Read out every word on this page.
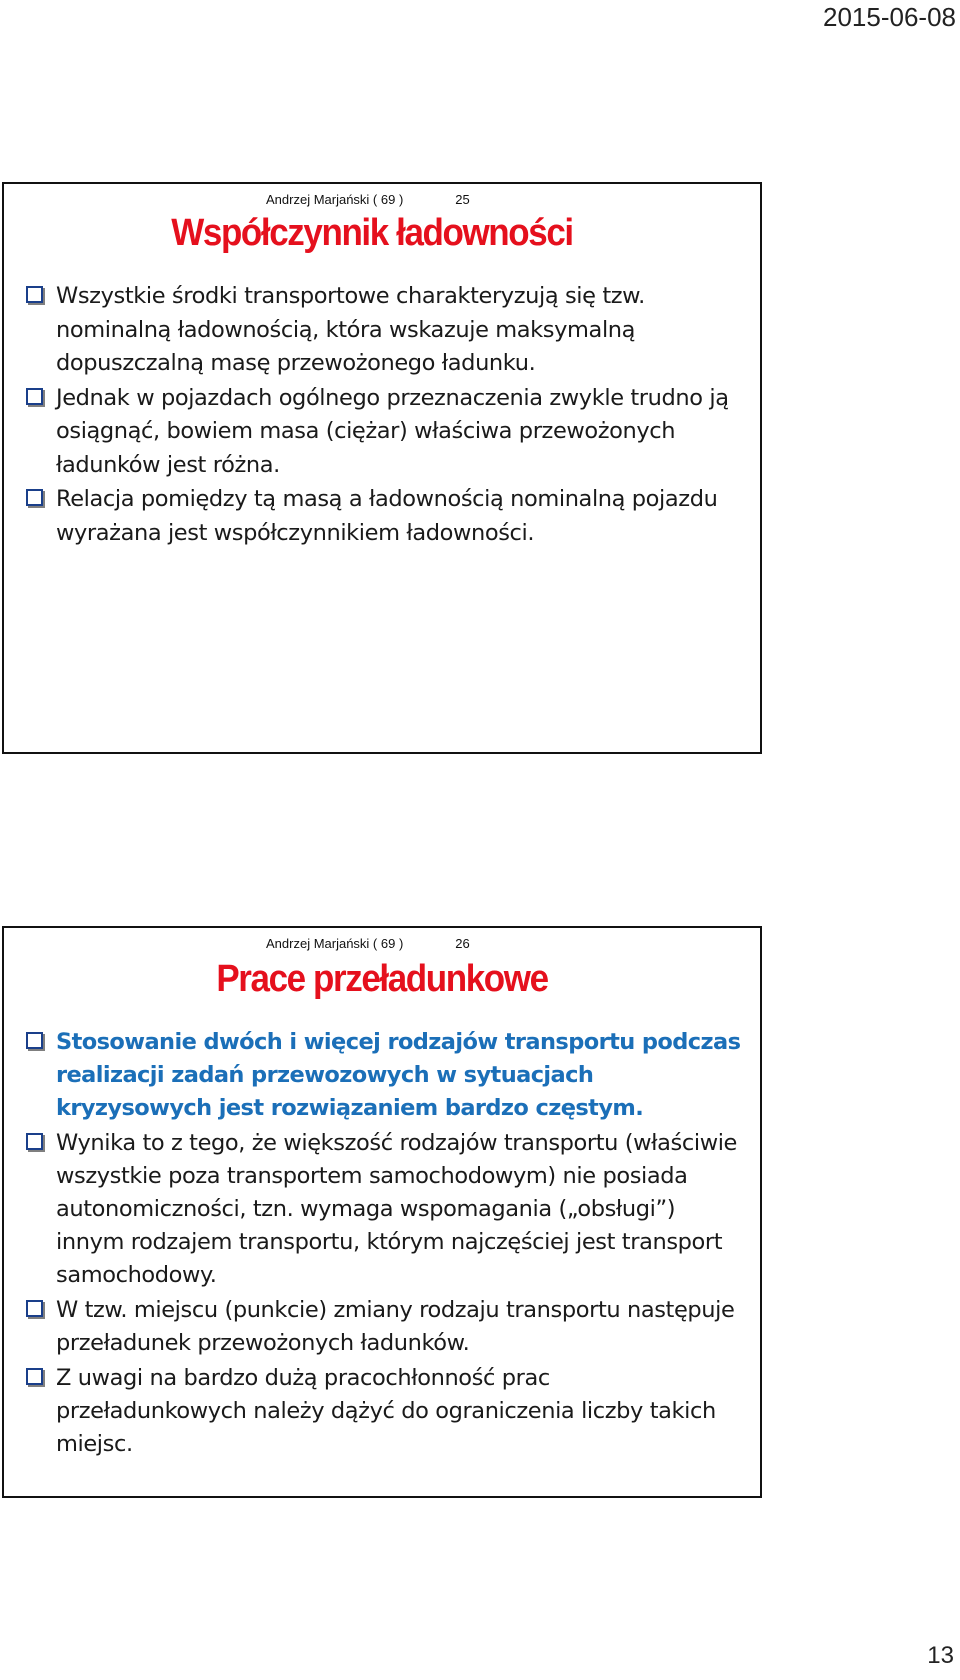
2015-06-08
Andrzej Marjański ( 69 )	25
Współczynnik ładowności
Wszystkie środki transportowe charakteryzują się tzw. nominalną ładownością, która wskazuje maksymalną dopuszczalną masę przewożonego ładunku.
Jednak w pojazdach ogólnego przeznaczenia zwykle trudno ją osiągnąć, bowiem masa (ciężar) właściwa przewożonych ładunków jest różna.
Relacja pomiędzy tą masą a ładownością nominalną pojazdu wyrażana jest współczynnikiem ładowności.
Andrzej Marjański ( 69 )	26
Prace przeładunkowe
Stosowanie dwóch i więcej rodzajów transportu podczas realizacji zadań przewozowych w sytuacjach kryzysowych jest rozwiązaniem bardzo częstym.
Wynika to z tego, że większość rodzajów transportu (właściwie wszystkie poza transportem samochodowym) nie posiada autonomiczności, tzn. wymaga wspomagania („obsługi”) innym rodzajem transportu, którym najczęściej jest transport samochodowy.
W tzw. miejscu (punkcie) zmiany rodzaju transportu następuje przeładunek przewożonych ładunków.
Z uwagi na bardzo dużą pracochłonność prac przeładunkowych należy dążyć do ograniczenia liczby takich miejsc.
13
